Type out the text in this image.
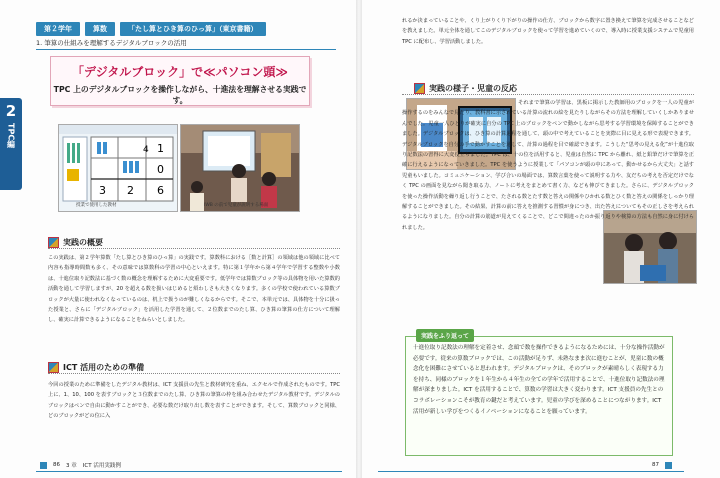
第２学年	算数	「たし算とひき算のひっ算」（東京書籍）
1. 筆算の仕組みを理解するデジタルブロックの活用
「デジタルブロック」で≪パソコン頭≫
TPC 上のデジタルブロックを操作しながら、十進法を理解させる実践です。
2
TPC編
1
0
2
3
4
6
授業で使用した教材	IWB の前で児童が説明する場面
実践の概要
この実践は、第２学年算数「たし算とひき算のひっ算」の実践です。算数科における［数と計算］の領域は他の領域に比べて内容も指導時間数も多く、その意味では算数科の学習の中心といえます。特に第１学年から第４学年で学習する整数や小数は、十進位取り記数法に基づく数の概念を理解するために大変重要です。低学年では算数ブロック等の具体物を用いた算数的活動を通して学習しますが、20 を超える数を扱いはじめると煩わしさも大きくなります。多くの学校で使われている算数ブロックが大量に使われなくなっているのは、机上で扱うのが難しくなるからです。そこで、本単元では、具体物を十分に扱った授業と、さらに「デジタルブロック」を活用した学習を通して、２位数までのたし算、ひき算の筆算の仕方について理解し、確実に計算できるようになることをねらいとしました。
ICT 活用のための準備
今回の授業のために準備をしたデジタル教材は、ICT 支援員の先生と教材研究を重ね、エクセルで作成されたものです。TPC 上に、1、10、100 を表すブロックと３位数までのたし算、ひき算の筆算の枠を組み合わせたデジタル教材です。デジタルのブロックはペンで自由に動かすことができ、必要な数だけ取り出し数を表すことができます。そして、算数ブロックと同様、どのブロックがどの位に入
86 3 章 ICT 活用実践例
れるか決まっていることや、くり上がりくり下がりの操作の仕方、ブロックから数字に置き換えて筆算を完成させることなどを教えました。単元全体を通してこのデジタルブロックを使って学習を進めていくので、導入時に授業支援システムで児童用 TPC に配布し、学習活動しました。
実践の様子・児童の反応
それまで筆算の学習は、黒板に掲示した教師用のブロックを一人の児童が操作するのをみんなで見たり、教科書に示されている計算の流れの絵を見たりしながらその方法を理解していくしかありませんでした。児童一人ひとりが確実に自分の TPC 上のブロックをペンで動かしながら思考する学習環境を保障することができました。デジタルブロックは、ひき算の計算過程を通して、頭の中で考えていることを実際に目に見える形で表現できます。デジタルブロックを自分の手で動かすことを通して、計算の過程を目で確認できます。こうした“思考の見える化”が十進位取り記数法の習得に大変役立ちました。TPC は、十の位を活用すると、児童は自然に TPC から離れ、紙と鉛筆だけで筆算を正確に行えるようになっていきました。TPC を使うように授業して「パソコンが頭の中にあって、動かせるから大丈夫」と話す児童もいました。コミュニケーション、学び合いの場面では、算数言葉を使って説明する力や、友だちの考えを否定だけでなく TPC の画面を見ながら聞き取る力、ノートに考えをまとめて書く力、なども伸びてきました。さらに、デジタルブロックを使った操作活動を繰り返し行うことで、たされる数とたす数と答えの関係やひかれる数とひく数と答えの関係をしっかり理解することができました。その結果、計算の前に答えを推測する習慣が身につき、出た答えについてもその正しさを考えられるようになりました。自分の計算の筋道が見えてくることで、どこで間違ったのか振り返りや検算の方法も自然に身に付けられました。
実践をふり返って
十進位取り記数法の理解を定着させ、念頭で数を操作できるようになるためには、十分な操作活動が必要です。従来の算数ブロックでは、この活動が足りず、未熟なまま次に進むことが、児童に数の概念化を困難にさせていると思われます。デジタルブロックは、そのブロックが素晴らしく表現する力を持ち、同様のブロックを１年生から４年生の全ての学年で活用することで、十進位取り記数法の理解が深まりました。ICT を活用することで、算数の学習は大きく変わります。ICT 支援員の先生とのコラボレーションこそが教育の鍵だと考えています。児童の学びを深めることにつながります。ICT 活用が新しい学びをつくるイノベーションになることを願っています。
87
